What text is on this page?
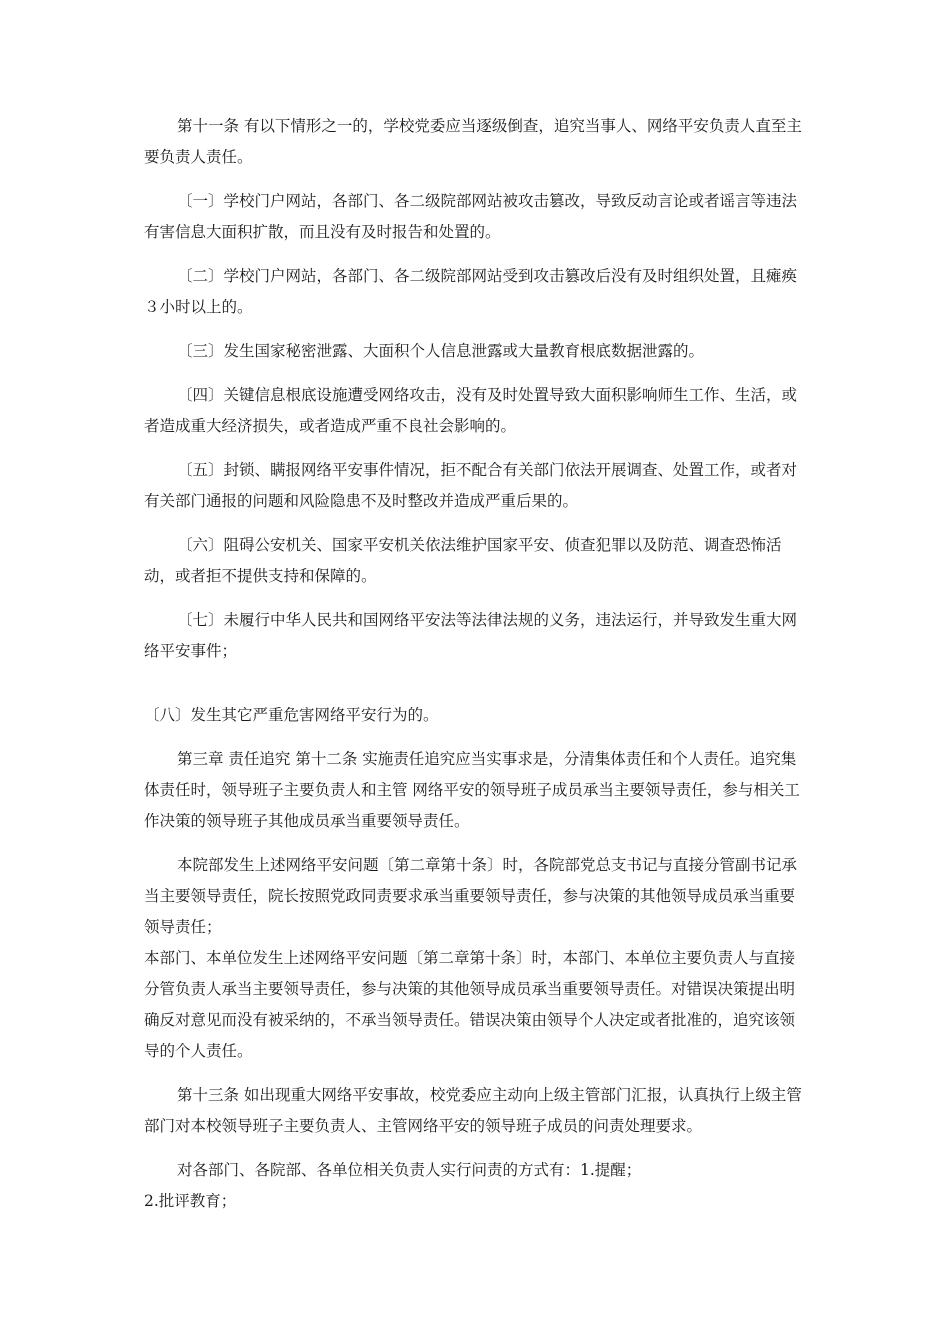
第十一条 有以下情形之一的，学校党委应当逐级倒查，追究当事人、网络平安负责人直至主要负责人责任。

〔一〕学校门户网站，各部门、各二级院部网站被攻击篡改，导致反动言论或者谣言等违法有害信息大面积扩散，而且没有及时报告和处置的。

〔二〕学校门户网站，各部门、各二级院部网站受到攻击篡改后没有及时组织处置，且瘫痪３小时以上的。

〔三〕发生国家秘密泄露、大面积个人信息泄露或大量教育根底数据泄露的。

〔四〕关键信息根底设施遭受网络攻击，没有及时处置导致大面积影响师生工作、生活，或者造成重大经济损失，或者造成严重不良社会影响的。

〔五〕封锁、瞒报网络平安事件情况，拒不配合有关部门依法开展调查、处置工作，或者对有关部门通报的问题和风险隐患不及时整改并造成严重后果的。

〔六〕阻碍公安机关、国家平安机关依法维护国家平安、侦查犯罪以及防范、调查恐怖活动，或者拒不提供支持和保障的。

〔七〕未履行中华人民共和国网络平安法等法律法规的义务，违法运行，并导致发生重大网络平安事件；

〔八〕发生其它严重危害网络平安行为的。

第三章 责任追究 第十二条 实施责任追究应当实事求是，分清集体责任和个人责任。追究集体责任时，领导班子主要负责人和主管 网络平安的领导班子成员承当主要领导责任，参与相关工作决策的领导班子其他成员承当重要领导责任。

本院部发生上述网络平安问题〔第二章第十条〕时，各院部党总支书记与直接分管副书记承当主要领导责任，院长按照党政同责要求承当重要领导责任，参与决策的其他领导成员承当重要领导责任；

本部门、本单位发生上述网络平安问题〔第二章第十条〕时，本部门、本单位主要负责人与直接分管负责人承当主要领导责任，参与决策的其他领导成员承当重要领导责任。对错误决策提出明确反对意见而没有被采纳的，不承当领导责任。错误决策由领导个人决定或者批准的，追究该领导的个人责任。

第十三条 如出现重大网络平安事故，校党委应主动向上级主管部门汇报，认真执行上级主管部门对本校领导班子主要负责人、主管网络平安的领导班子成员的问责处理要求。

对各部门、各院部、各单位相关负责人实行问责的方式有：1.提醒；

2.批评教育；
